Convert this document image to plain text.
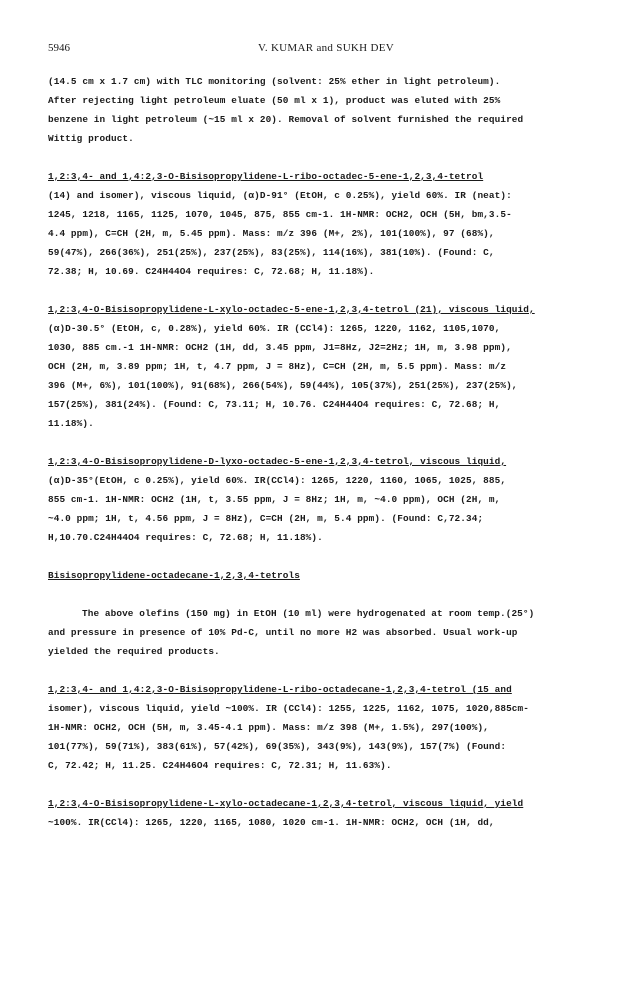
5946	V. KUMAR and SUKH DEV

(14.5 cm x 1.7 cm) with TLC monitoring (solvent: 25% ether in light petroleum).

After rejecting light petroleum eluate (50 ml x 1), product was eluted with 25%

benzene in light petroleum (~15 ml x 20). Removal of solvent furnished the required

Wittig product.

1,2:3,4- and 1,4:2,3-O-Bisisopropylidene-L-ribo-octadec-5-ene-1,2,3,4-tetrol

(14) and isomer), viscous liquid, (α)D-91° (EtOH, c 0.25%), yield 60%. IR (neat):

1245, 1218, 1165, 1125, 1070, 1045, 875, 855 cm-1. 1H-NMR: OCH2, OCH (5H, bm,3.5-

4.4 ppm), C=CH (2H, m, 5.45 ppm). Mass: m/z 396 (M+, 2%), 101(100%), 97 (68%),

59(47%), 266(36%), 251(25%), 237(25%), 83(25%), 114(16%), 381(10%). (Found: C,

72.38; H, 10.69. C24H44O4 requires: C, 72.68; H, 11.18%).

1,2:3,4-O-Bisisopropylidene-L-xylo-octadec-5-ene-1,2,3,4-tetrol (21), viscous liquid,

(α)D-30.5° (EtOH, c, 0.28%), yield 60%. IR (CCl4): 1265, 1220, 1162, 1105,1070,

1030, 885 cm.-1 1H-NMR: OCH2 (1H, dd, 3.45 ppm, J1=8Hz, J2=2Hz; 1H, m, 3.98 ppm),

OCH (2H, m, 3.89 ppm; 1H, t, 4.7 ppm, J = 8Hz), C=CH (2H, m, 5.5 ppm). Mass: m/z

396 (M+, 6%), 101(100%), 91(68%), 266(54%), 59(44%), 105(37%), 251(25%), 237(25%),

157(25%), 381(24%). (Found: C, 73.11; H, 10.76. C24H44O4 requires: C, 72.68; H,

11.18%).

1,2:3,4-O-Bisisopropylidene-D-lyxo-octadec-5-ene-1,2,3,4-tetrol, viscous liquid,

(α)D-35°(EtOH, c 0.25%), yield 60%. IR(CCl4): 1265, 1220, 1160, 1065, 1025, 885,

855 cm-1. 1H-NMR: OCH2 (1H, t, 3.55 ppm, J = 8Hz; 1H, m, ~4.0 ppm), OCH (2H, m,

~4.0 ppm; 1H, t, 4.56 ppm, J = 8Hz), C=CH (2H, m, 5.4 ppm). (Found: C,72.34;

H,10.70.C24H44O4 requires: C, 72.68; H, 11.18%).

Bisisopropylidene-octadecane-1,2,3,4-tetrols

The above olefins (150 mg) in EtOH (10 ml) were hydrogenated at room temp.(25°)

and pressure in presence of 10% Pd-C, until no more H2 was absorbed. Usual work-up

yielded the required products.

1,2:3,4- and 1,4:2,3-O-Bisisopropylidene-L-ribo-octadecane-1,2,3,4-tetrol (15 and

isomer), viscous liquid, yield ~100%. IR (CCl4): 1255, 1225, 1162, 1075, 1020,885cm-

1H-NMR: OCH2, OCH (5H, m, 3.45-4.1 ppm). Mass: m/z 398 (M+, 1.5%), 297(100%),

101(77%), 59(71%), 383(61%), 57(42%), 69(35%), 343(9%), 143(9%), 157(7%) (Found:

C, 72.42; H, 11.25. C24H46O4 requires: C, 72.31; H, 11.63%).

1,2:3,4-O-Bisisopropylidene-L-xylo-octadecane-1,2,3,4-tetrol, viscous liquid, yield

~100%. IR(CCl4): 1265, 1220, 1165, 1080, 1020 cm-1. 1H-NMR: OCH2, OCH (1H, dd,
